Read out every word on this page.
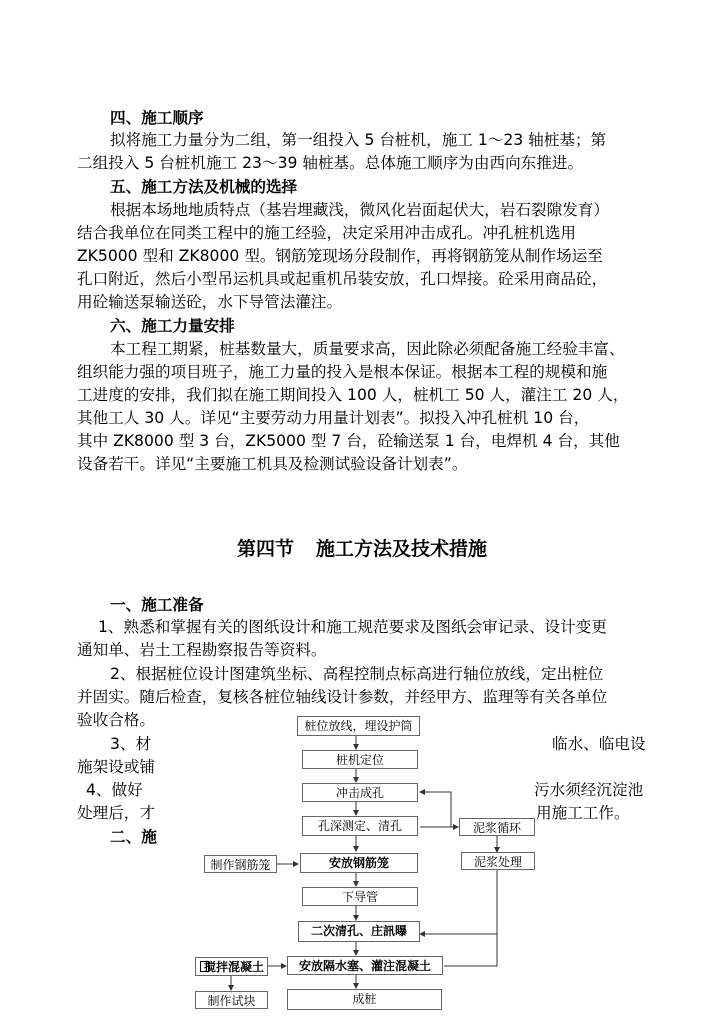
四、施工顺序
拟将施工力量分为二组，第一组投入 5 台桩机，施工 1～23 轴桩基；第
二组投入 5 台桩机施工 23～39 轴桩基。总体施工顺序为由西向东推进。
五、施工方法及机械的选择
根据本场地地质特点（基岩埋藏浅，微风化岩面起伏大，岩石裂隙发育）
结合我单位在同类工程中的施工经验，决定采用冲击成孔。冲孔桩机选用
ZK5000 型和 ZK8000 型。钢筋笼现场分段制作，再将钢筋笼从制作场运至
孔口附近，然后小型吊运机具或起重机吊装安放，孔口焊接。砼采用商品砼，
用砼输送泵输送砼，水下导管法灌注。
六、施工力量安排
本工程工期紧，桩基数量大，质量要求高，因此除必须配备施工经验丰富、
组织能力强的项目班子，施工力量的投入是根本保证。根据本工程的规模和施
工进度的安排，我们拟在施工期间投入 100 人，桩机工 50 人，灌注工 20 人，
其他工人 30 人。详见“主要劳动力用量计划表”。拟投入冲孔桩机 10 台，
其中 ZK8000 型 3 台，ZK5000 型 7 台，砼输送泵 1 台，电焊机 4 台，其他
设备若干。详见“主要施工机具及检测试验设备计划表”。
第四节 施工方法及技术措施
一、施工准备
1、熟悉和掌握有关的图纸设计和施工规范要求及图纸会审记录、设计变更
通知单、岩土工程勘察报告等资料。
2、根据桩位设计图建筑坐标、高程控制点标高进行轴位放线，定出桩位
并固实。随后检查，复核各桩位轴线设计参数，并经甲方、监理等有关各单位
验收合格。
3、材	临水、临电设
施架设或铺
4、做好	污水须经沉淀池
处理后，才	用施工工作。
二、施
桩位放线，埋设护筒
桩机定位
冲击成孔
孔深测定、清孔
安放钢筋笼
下导管
二次清孔、庄訊曝
安放隔水塞、灌注混凝土
成桩
泥浆循环
泥浆处理
制作钢筋笼
搅拌混凝土
制作试块
